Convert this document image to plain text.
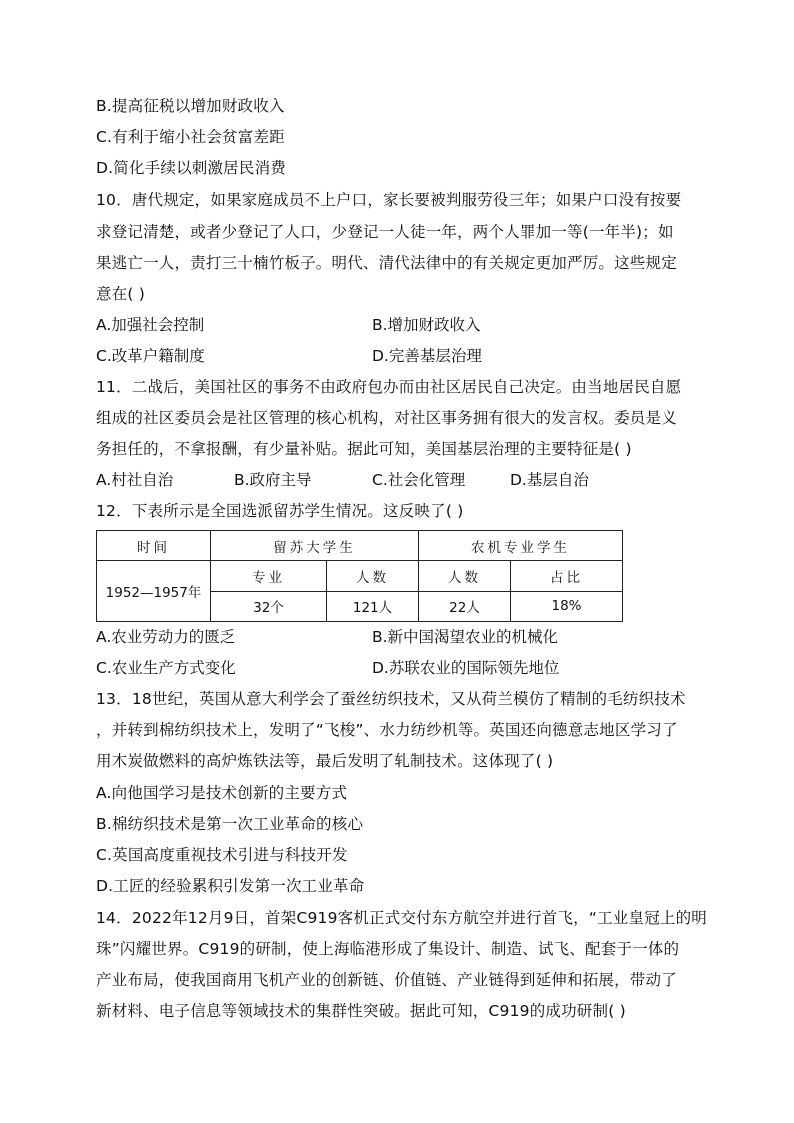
B.提高征税以增加财政收入
C.有利于缩小社会贫富差距
D.简化手续以刺激居民消费
10．唐代规定，如果家庭成员不上户口，家长要被判服劳役三年；如果户口没有按要
求登记清楚，或者少登记了人口，少登记一人徒一年，两个人罪加一等(一年半)；如
果逃亡一人，责打三十楠竹板子。明代、清代法律中的有关规定更加严厉。这些规定
意在( )
A.加强社会控制	B.增加财政收入
C.改革户籍制度	D.完善基层治理
11．二战后，美国社区的事务不由政府包办而由社区居民自己决定。由当地居民自愿
组成的社区委员会是社区管理的核心机构，对社区事务拥有很大的发言权。委员是义
务担任的，不拿报酬，有少量补贴。据此可知，美国基层治理的主要特征是( )
A.村社自治	B.政府主导	C.社会化管理	D.基层自治
12．下表所示是全国选派留苏学生情况。这反映了( )
时间	留苏大学生		农机专业学生	
1952—1957年	专业	人数	人数	占比
	32个	121人	22人	18%
A.农业劳动力的匮乏	B.新中国渴望农业的机械化
C.农业生产方式变化	D.苏联农业的国际领先地位
13．18世纪，英国从意大利学会了蚕丝纺织技术，又从荷兰模仿了精制的毛纺织技术
，并转到棉纺织技术上，发明了“飞梭”、水力纺纱机等。英国还向德意志地区学习了
用木炭做燃料的高炉炼铁法等，最后发明了轧制技术。这体现了( )
A.向他国学习是技术创新的主要方式
B.棉纺织技术是第一次工业革命的核心
C.英国高度重视技术引进与科技开发
D.工匠的经验累积引发第一次工业革命
14．2022年12月9日，首架C919客机正式交付东方航空并进行首飞，“工业皇冠上的明
珠”闪耀世界。C919的研制，使上海临港形成了集设计、制造、试飞、配套于一体的
产业布局，使我国商用飞机产业的创新链、价值链、产业链得到延伸和拓展，带动了
新材料、电子信息等领域技术的集群性突破。据此可知，C919的成功研制( )
